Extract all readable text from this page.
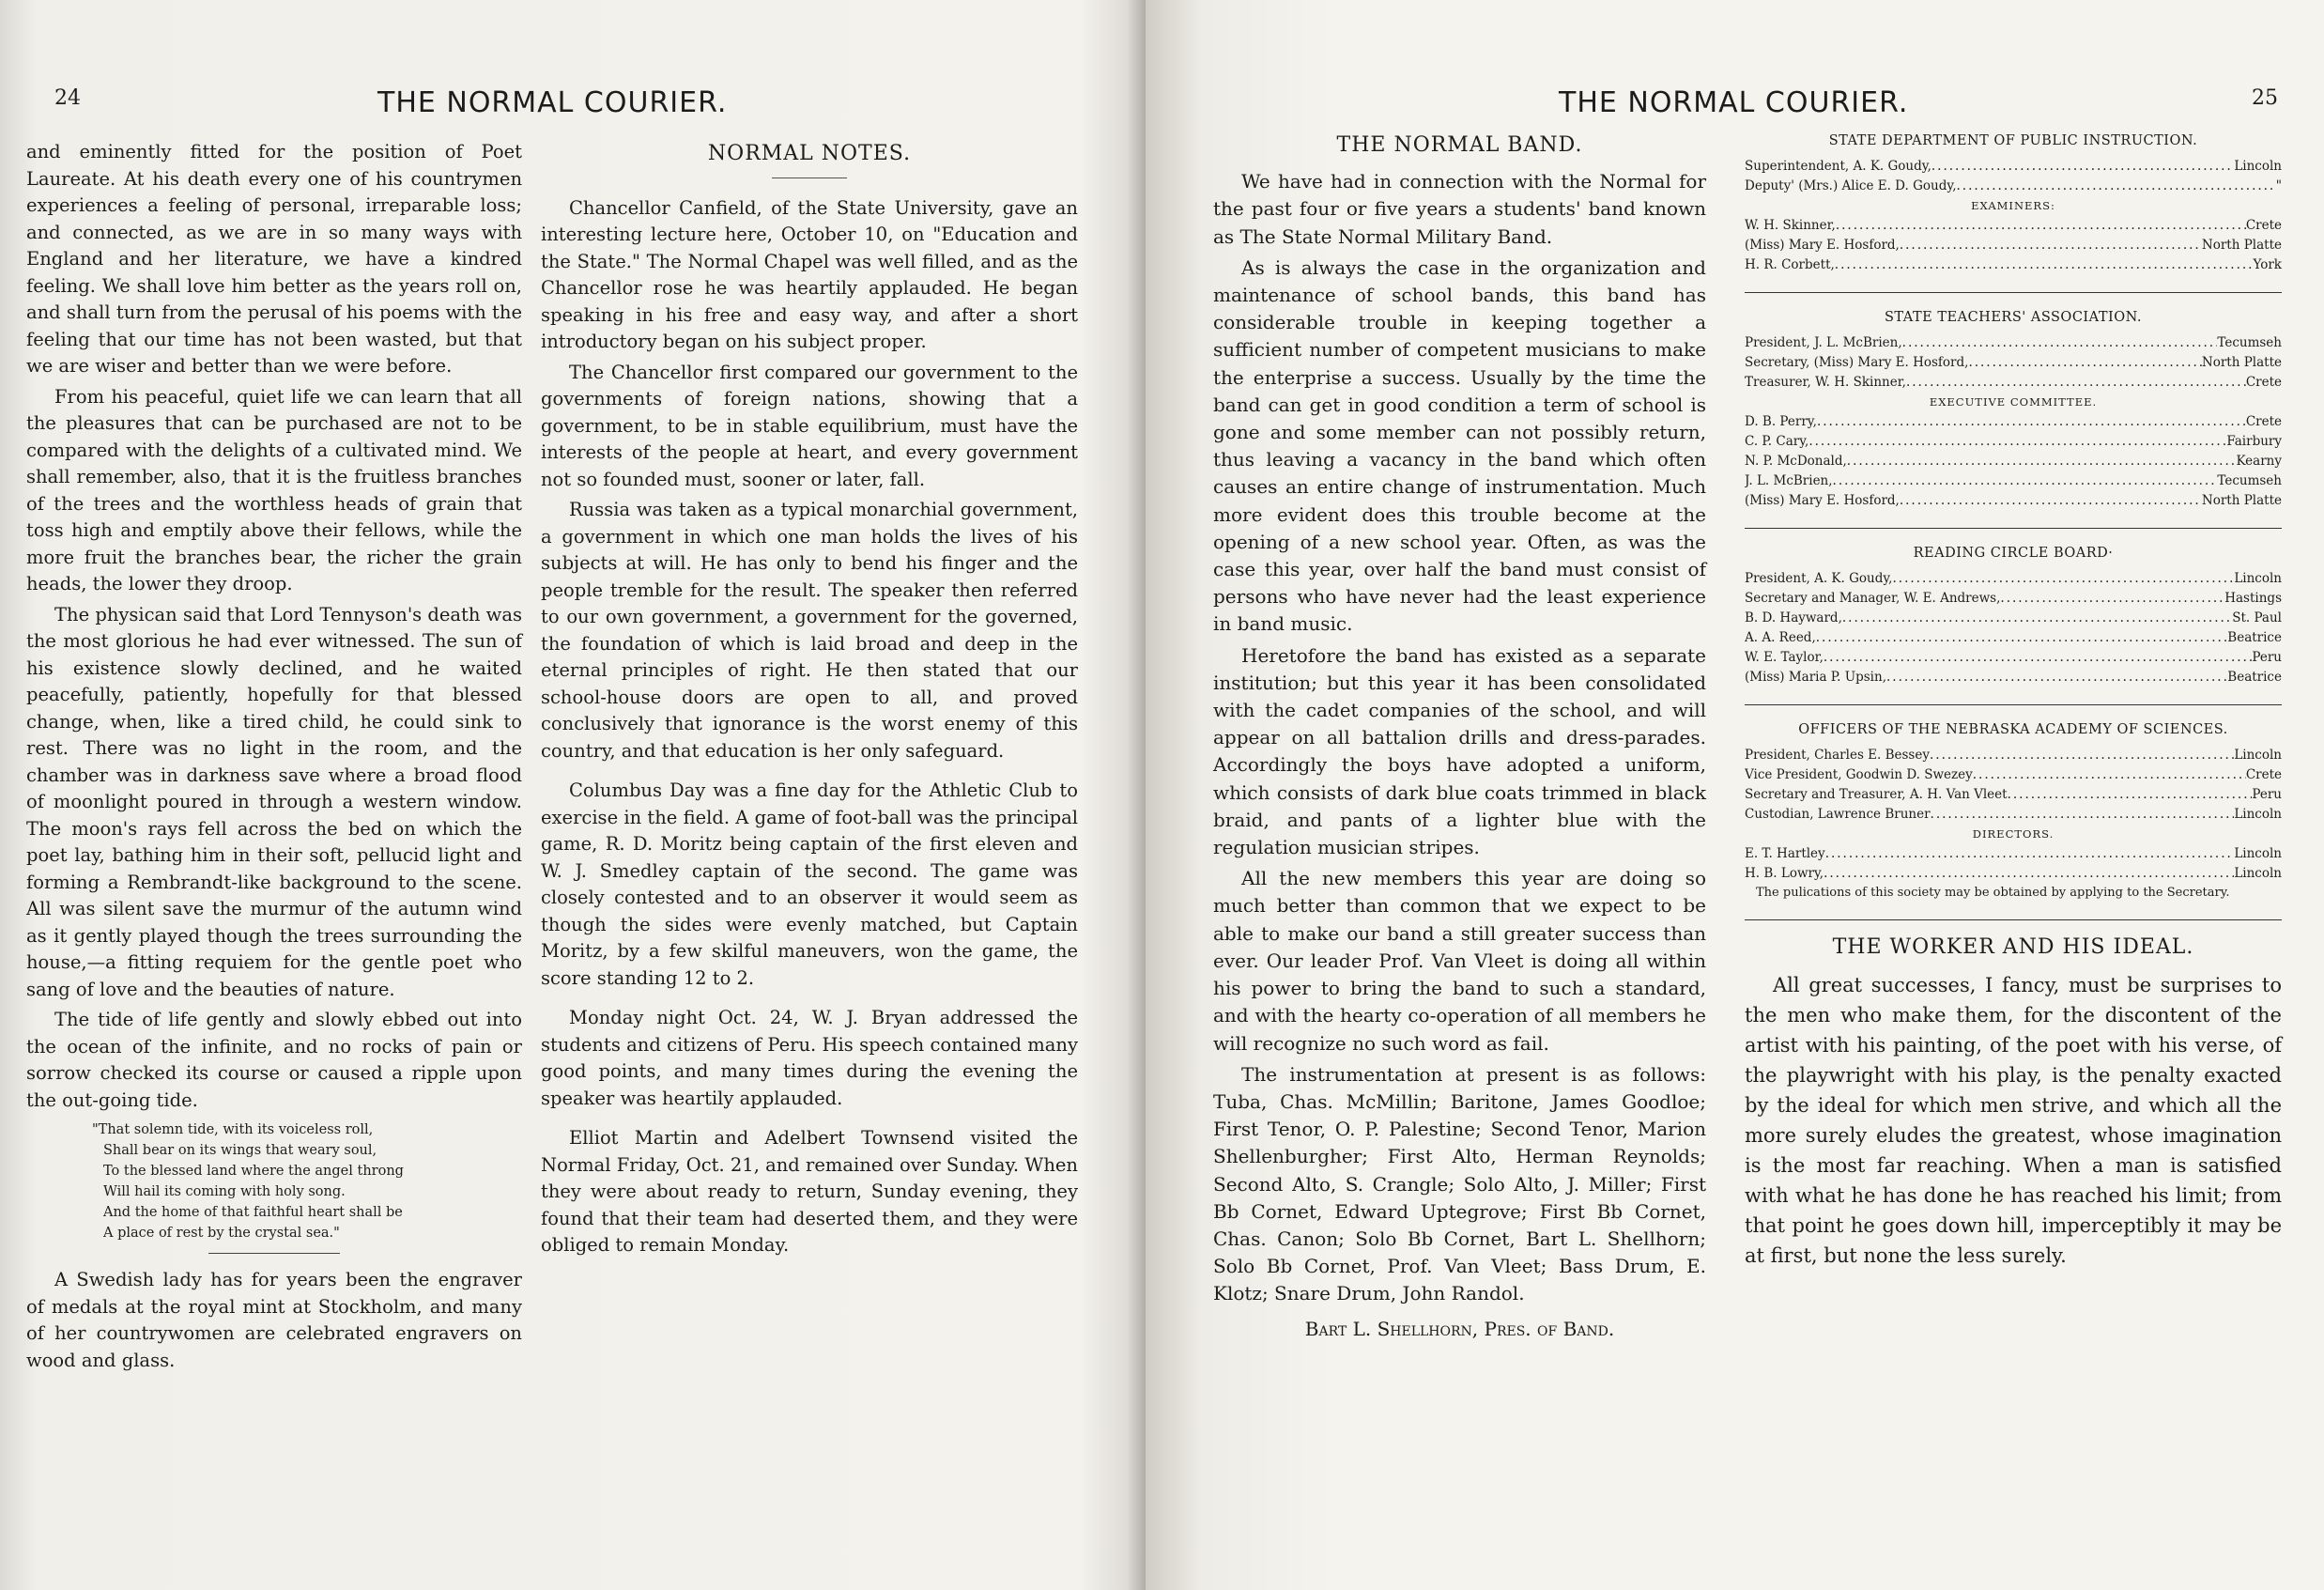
24	THE NORMAL COURIER.

and eminently fitted for the position of Poet Laureate. At his death every one of his countrymen experiences a feeling of personal, irreparable loss; and connected, as we are in so many ways with England and her literature, we have a kindred feeling. We shall love him better as the years roll on, and shall turn from the perusal of his poems with the feeling that our time has not been wasted, but that we are wiser and better than we were before.

From his peaceful, quiet life we can learn that all the pleasures that can be purchased are not to be compared with the delights of a cultivated mind. We shall remember, also, that it is the fruitless branches of the trees and the worthless heads of grain that toss high and emptily above their fellows, while the more fruit the branches bear, the richer the grain heads, the lower they droop.

The physican said that Lord Tennyson's death was the most glorious he had ever witnessed. The sun of his existence slowly declined, and he waited peacefully, patiently, hopefully for that blessed change, when, like a tired child, he could sink to rest. There was no light in the room, and the chamber was in darkness save where a broad flood of moonlight poured in through a western window. The moon's rays fell across the bed on which the poet lay, bathing him in their soft, pellucid light and forming a Rembrandt-like background to the scene. All was silent save the murmur of the autumn wind as it gently played though the trees surrounding the house,—a fitting requiem for the gentle poet who sang of love and the beauties of nature.

The tide of life gently and slowly ebbed out into the ocean of the infinite, and no rocks of pain or sorrow checked its course or caused a ripple upon the out-going tide.

"That solemn tide, with its voiceless roll,
Shall bear on its wings that weary soul,
To the blessed land where the angel throng
Will hail its coming with holy song.
And the home of that faithful heart shall be
A place of rest by the crystal sea."

A Swedish lady has for years been the engraver of medals at the royal mint at Stockholm, and many of her countrywomen are celebrated engravers on wood and glass.

NORMAL NOTES.

Chancellor Canfield, of the State University, gave an interesting lecture here, October 10, on "Education and the State." The Normal Chapel was well filled, and as the Chancellor rose he was heartily applauded. He began speaking in his free and easy way, and after a short introductory began on his subject proper.

The Chancellor first compared our government to the governments of foreign nations, showing that a government, to be in stable equilibrium, must have the interests of the people at heart, and every government not so founded must, sooner or later, fall.

Russia was taken as a typical monarchial government, a government in which one man holds the lives of his subjects at will. He has only to bend his finger and the people tremble for the result. The speaker then referred to our own government, a government for the governed, the foundation of which is laid broad and deep in the eternal principles of right. He then stated that our school-house doors are open to all, and proved conclusively that ignorance is the worst enemy of this country, and that education is her only safeguard.

Columbus Day was a fine day for the Athletic Club to exercise in the field. A game of foot-ball was the principal game, R. D. Moritz being captain of the first eleven and W. J. Smedley captain of the second. The game was closely contested and to an observer it would seem as though the sides were evenly matched, but Captain Moritz, by a few skilful maneuvers, won the game, the score standing 12 to 2.

Monday night Oct. 24, W. J. Bryan addressed the students and citizens of Peru. His speech contained many good points, and many times during the evening the speaker was heartily applauded.

Elliot Martin and Adelbert Townsend visited the Normal Friday, Oct. 21, and remained over Sunday. When they were about ready to return, Sunday evening, they found that their team had deserted them, and they were obliged to remain Monday.

THE NORMAL COURIER.	25
THE NORMAL BAND.

We have had in connection with the Normal for the past four or five years a students' band known as The State Normal Military Band.

As is always the case in the organization and maintenance of school bands, this band has considerable trouble in keeping together a sufficient number of competent musicians to make the enterprise a success. Usually by the time the band can get in good condition a term of school is gone and some member can not possibly return, thus leaving a vacancy in the band which often causes an entire change of instrumentation. Much more evident does this trouble become at the opening of a new school year. Often, as was the case this year, over half the band must consist of persons who have never had the least experience in band music.

Heretofore the band has existed as a separate institution; but this year it has been consolidated with the cadet companies of the school, and will appear on all battalion drills and dress-parades. Accordingly the boys have adopted a uniform, which consists of dark blue coats trimmed in black braid, and pants of a lighter blue with the regulation musician stripes.

All the new members this year are doing so much better than common that we expect to be able to make our band a still greater success than ever. Our leader Prof. Van Vleet is doing all within his power to bring the band to such a standard, and with the hearty co-operation of all members he will recognize no such word as fail.

The instrumentation at present is as follows: Tuba, Chas. McMillin; Baritone, James Goodloe; First Tenor, O. P. Palestine; Second Tenor, Marion Shellenburgher; First Alto, Herman Reynolds; Second Alto, S. Crangle; Solo Alto, J. Miller; First Bb Cornet, Edward Uptegrove; First Bb Cornet, Chas. Canon; Solo Bb Cornet, Bart L. Shellhorn; Solo Bb Cornet, Prof. Van Vleet; Bass Drum, E. Klotz; Snare Drum, John Randol.

Bart L. Shellhorn, Pres. of Band.
STATE DEPARTMENT OF PUBLIC INSTRUCTION.
Superintendent, A. K. Goudy, .....	Lincoln
Deputy' (Mrs.) Alice E. D. Goudy, .....	"
EXAMINERS:
W. H. Skinner, .....	Crete
(Miss) Mary E. Hosford, .....	North Platte
H. R. Corbett, .....	York
STATE TEACHERS' ASSOCIATION.
President, J. L. McBrien, .....	Tecumseh
Secretary, (Miss) Mary E. Hosford, .....	North Platte
Treasurer, W. H. Skinner, .....	Crete
EXECUTIVE COMMITTEE.
D. B. Perry, .....	Crete
C. P. Cary, .....	Fairbury
N. P. McDonald, .....	Kearny
J. L. McBrien, .....	Tecumseh
(Miss) Mary E. Hosford, .....	North Platte
READING CIRCLE BOARD·
President, A. K. Goudy, .....	Lincoln
Secretary and Manager, W. E. Andrews, .....	Hastings
B. D. Hayward, .....	St. Paul
A. A. Reed, .....	Beatrice
W. E. Taylor, .....	Peru
(Miss) Maria P. Upsin, .....	Beatrice
OFFICERS OF THE NEBRASKA ACADEMY OF SCIENCES.
President, Charles E. Bessey .....	Lincoln
Vice President, Goodwin D. Swezey .....	Crete
Secretary and Treasurer, A. H. Van Vleet .....	Peru
Custodian, Lawrence Bruner .....	Lincoln
DIRECTORS.
E. T. Hartley .....	Lincoln
H. B. Lowry, .....	Lincoln
The pulications of this society may be obtained by applying to the Secretary.
THE WORKER AND HIS IDEAL.

All great successes, I fancy, must be surprises to the men who make them, for the discontent of the artist with his painting, of the poet with his verse, of the playwright with his play, is the penalty exacted by the ideal for which men strive, and which all the more surely eludes the greatest, whose imagination is the most far reaching. When a man is satisfied with what he has done he has reached his limit; from that point he goes down hill, imperceptibly it may be at first, but none the less surely.
